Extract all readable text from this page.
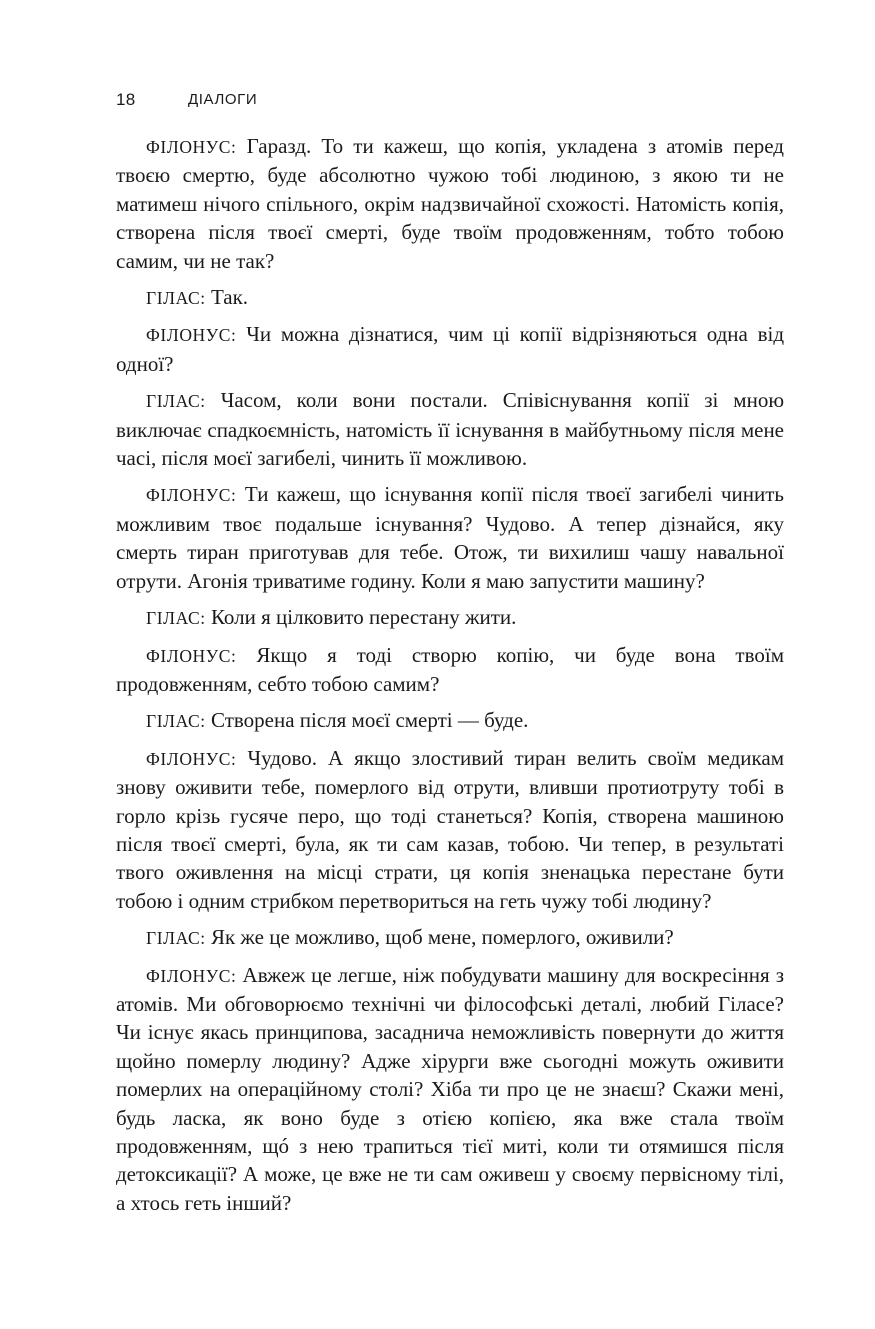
18	ДІАЛОГИ

ФІЛОНУС: Гаразд. То ти кажеш, що копія, укладена з атомів перед твоєю смертю, буде абсолютно чужою тобі людиною, з якою ти не матимеш нічого спільного, окрім надзвичайної схожості. Натомість копія, створена після твоєї смерті, буде твоїм продовженням, тобто тобою самим, чи не так?

ГІЛАС: Так.

ФІЛОНУС: Чи можна дізнатися, чим ці копії відрізняються одна від одної?

ГІЛАС: Часом, коли вони постали. Співіснування копії зі мною виключає спадкоємність, натомість її існування в майбутньому після мене часі, після моєї загибелі, чинить її можливою.

ФІЛОНУС: Ти кажеш, що існування копії після твоєї загибелі чинить можливим твоє подальше існування? Чудово. А тепер дізнайся, яку смерть тиран приготував для тебе. Отож, ти вихилиш чашу навальної отрути. Агонія триватиме годину. Коли я маю запустити машину?

ГІЛАС: Коли я цілковито перестану жити.

ФІЛОНУС: Якщо я тоді створю копію, чи буде вона твоїм продовженням, себто тобою самим?

ГІЛАС: Створена після моєї смерті — буде.

ФІЛОНУС: Чудово. А якщо злостивий тиран велить своїм медикам знову оживити тебе, померлого від отрути, вливши протиотруту тобі в горло крізь гусяче перо, що тоді станеться? Копія, створена машиною після твоєї смерті, була, як ти сам казав, тобою. Чи тепер, в результаті твого оживлення на місці страти, ця копія зненацька перестане бути тобою і одним стрибком перетвориться на геть чужу тобі людину?

ГІЛАС: Як же це можливо, щоб мене, померлого, оживили?

ФІЛОНУС: Авжеж це легше, ніж побудувати машину для воскресіння з атомів. Ми обговорюємо технічні чи філософські деталі, любий Гіласе? Чи існує якась принципова, засаднича неможливість повернути до життя щойно померлу людину? Адже хірурги вже сьогодні можуть оживити померлих на операційному столі? Хіба ти про це не знаєш? Скажи мені, будь ласка, як воно буде з отією копією, яка вже стала твоїм продовженням, щó з нею трапиться тієї миті, коли ти отямишся після детоксикації? А може, це вже не ти сам оживеш у своєму первісному тілі, а хтось геть інший?
